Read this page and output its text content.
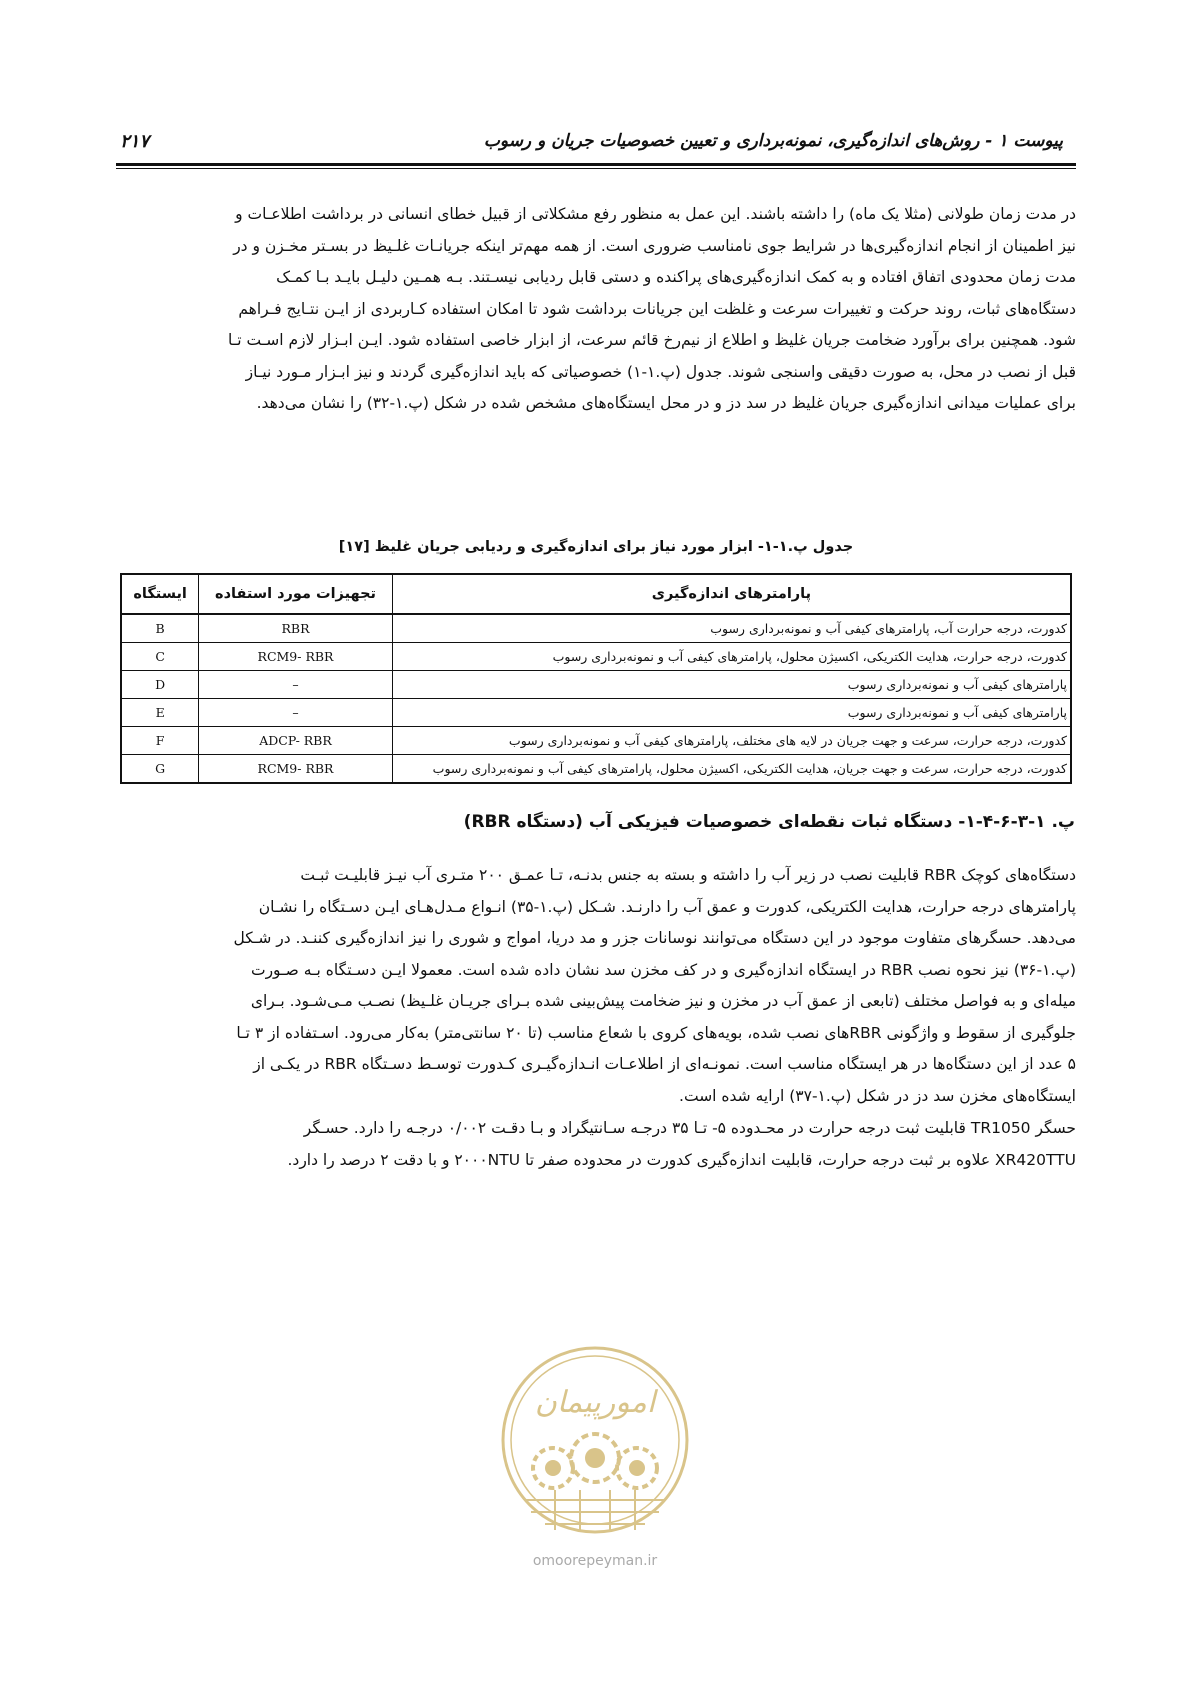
پیوست ۱ - روش‌های اندازه‌گیری، نمونه‌برداری و تعیین خصوصیات جریان و رسوب
۲۱۷
در مدت زمان طولانی (مثلا یک ماه) را داشته باشند. این عمل به منظور رفع مشکلاتی از قبیل خطای انسانی در برداشت اطلاعـات و
نیز اطمینان از انجام اندازه‌گیری‌ها در شرایط جوی نامناسب ضروری است. از همه مهم‌تر اینکه جریانـات غلـیظ در بسـتر مخـزن و در
مدت زمان محدودی اتفاق افتاده و به کمک اندازه‌گیری‌های پراکنده و دستی قابل ردیابی نیسـتند. بـه همـین دلیـل بایـد بـا کمـک
دستگاه‌های ثبات، روند حرکت و تغییرات سرعت و غلظت این جریانات برداشت شود تا امکان استفاده کـاربردی از ایـن نتـایج فـراهم
شود. همچنین برای برآورد ضخامت جریان غلیظ و اطلاع از نیم‌رخ قائم سرعت، از ابزار خاصی استفاده شود. ایـن ابـزار لازم اسـت تـا
قبل از نصب در محل، به صورت دقیقی واسنجی شوند. جدول (پ.۱-۱) خصوصیاتی که باید اندازه‌گیری گردند و نیز ابـزار مـورد نیـاز
برای عملیات میدانی اندازه‌گیری جریان غلیظ در سد دز و در محل ایستگاه‌های مشخص شده در شکل (پ.۱-۳۲) را نشان می‌دهد.
جدول پ.۱-۱- ابزار مورد نیاز برای اندازه‌گیری و ردیابی جریان غلیظ [۱۷]
پارامترهای اندازه‌گیری	تجهیزات مورد استفاده	ایستگاه
کدورت، درجه حرارت آب، پارامترهای کیفی آب و نمونه‌برداری رسوب	RBR	B
کدورت، درجه حرارت، هدایت الکتریکی، اکسیژن محلول، پارامترهای کیفی آب و نمونه‌برداری رسوب	RCM9- RBR	C
پارامترهای کیفی آب و نمونه‌برداری رسوب	–	D
پارامترهای کیفی آب و نمونه‌برداری رسوب	–	E
کدورت، درجه حرارت، سرعت و جهت جریان در لایه های مختلف، پارامترهای کیفی آب و نمونه‌برداری رسوب	ADCP- RBR	F
کدورت، درجه حرارت، سرعت و جهت جریان، هدایت الکتریکی، اکسیژن محلول، پارامترهای کیفی آب و نمونه‌برداری رسوب	RCM9- RBR	G
پ. ۱-۳-۶-۴-۱- دستگاه ثبات نقطه‌ای خصوصیات فیزیکی آب (دستگاه RBR)
دستگاه‌های کوچک RBR قابلیت نصب در زیر آب را داشته و بسته به جنس بدنـه، تـا عمـق ۲۰۰ متـری آب نیـز قابلیـت ثبـت
پارامترهای درجه حرارت، هدایت الکتریکی، کدورت و عمق آب را دارنـد. شـکل (پ.۱-۳۵) انـواع مـدل‌هـای ایـن دسـتگاه را نشـان
می‌دهد. حسگرهای متفاوت موجود در این دستگاه می‌توانند نوسانات جزر و مد دریا، امواج و شوری را نیز اندازه‌گیری کننـد. در شـکل
(پ.۱-۳۶) نیز نحوه نصب RBR در ایستگاه اندازه‌گیری و در کف مخزن سد نشان داده شده است. معمولا ایـن دسـتگاه بـه صـورت
میله‌ای و به فواصل مختلف (تابعی از عمق آب در مخزن و نیز ضخامت پیش‌بینی شده بـرای جریـان غلـیظ) نصـب مـی‌شـود. بـرای
جلوگیری از سقوط و واژگونی RBRهای نصب شده، بویه‌های کروی با شعاع مناسب (تا ۲۰ سانتی‌متر) به‌کار می‌رود. اسـتفاده از ۳ تـا
۵ عدد از این دستگاه‌ها در هر ایستگاه مناسب است. نمونـه‌ای از اطلاعـات انـدازه‌گیـری کـدورت توسـط دسـتگاه RBR در یکـی از
ایستگاه‌های مخزن سد دز در شکل (پ.۱-۳۷) ارایه شده است.
حسگر TR1050 قابلیت ثبت درجه حرارت در محـدوده ۵- تـا ۳۵ درجـه سـانتیگراد و بـا دقـت ۰/۰۰۲ درجـه را دارد. حسـگر
XR420TTU علاوه بر ثبت درجه حرارت، قابلیت اندازه‌گیری کدورت در محدوده صفر تا ۲۰۰۰NTU و با دقت ۲ درصد را دارد.
امورپیمان
omoorepeyman.ir
